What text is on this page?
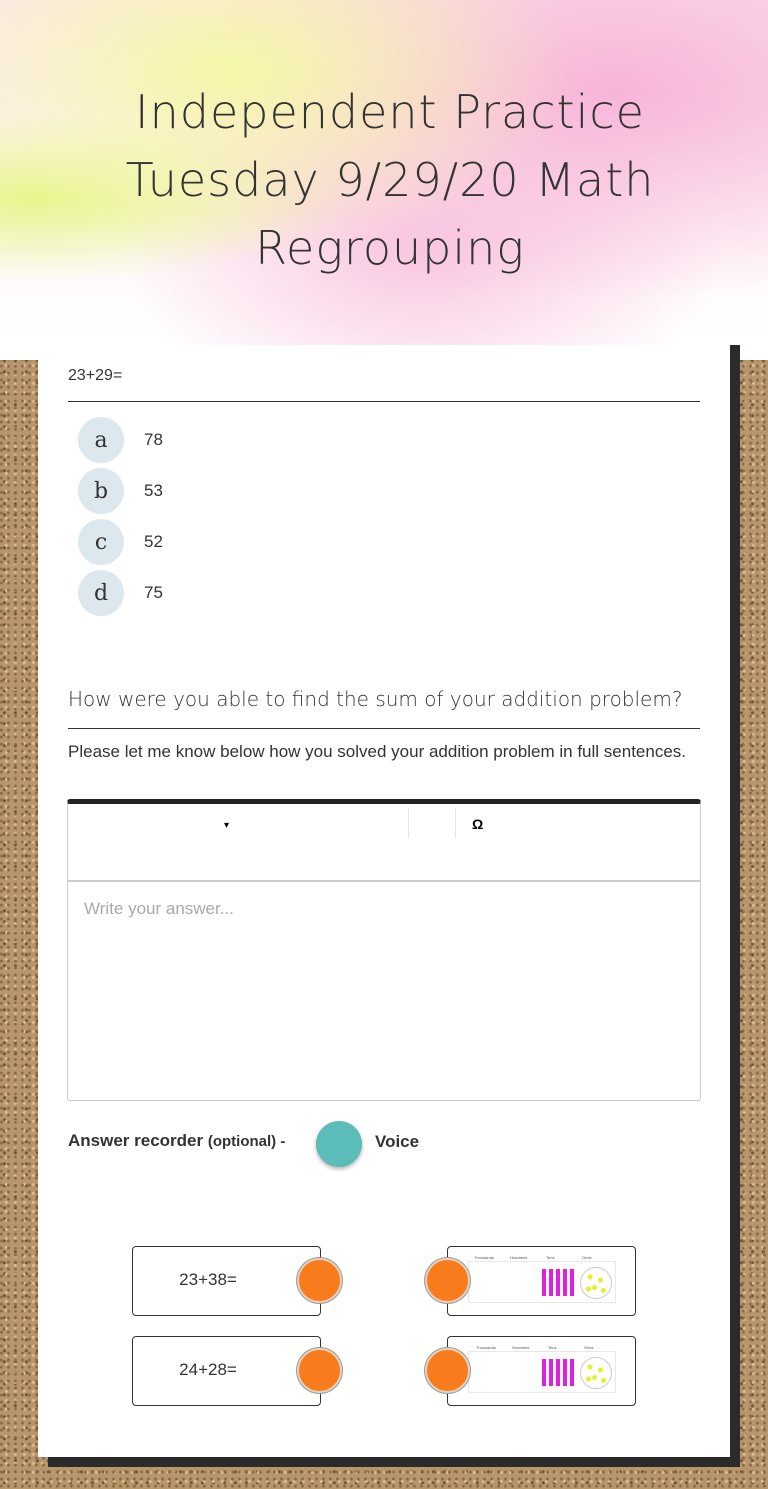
Independent Practice Tuesday 9/29/20 Math Regrouping
23+29=
a	78
b	53
c	52
d	75
How were you able to find the sum of your addition problem?
Please let me know below how you solved your addition problem in full sentences.
▾	Ω
Write your answer...
Answer recorder (optional) -	Voice
23+38=
Thousands	Hundreds	Tens	Ones
24+28=
Thousands	Hundreds	Tens	Ones
